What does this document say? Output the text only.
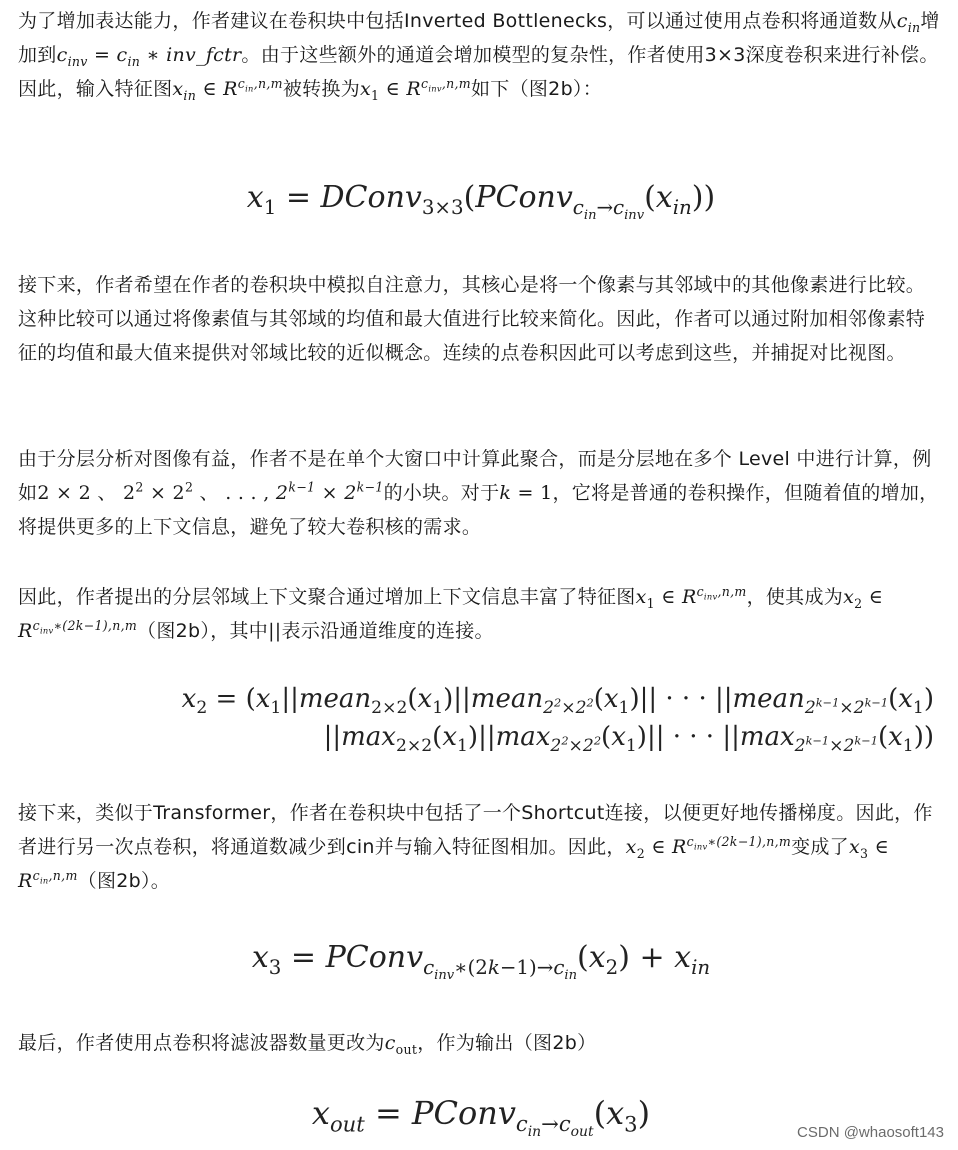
为了增加表达能力，作者建议在卷积块中包括Inverted Bottlenecks，可以通过使用点卷积将通道数从$c_{in}$增加到$c_{inv} = c_{in}$ ∗ inv_fctr。由于这些额外的通道会增加模型的复杂性，作者使用3×3深度卷积来进行补偿。因此，输入特征图$x_{in}$ ∈ $R^{c_{in},n,m}$被转换为$x_1$ ∈ $R^{c_{inv},n,m}$如下（图2b）：

$x_1$ = $DConv_{3\times 3}(PConv_{c_{in}\to c_{inv}}(x_{in}))$

接下来，作者希望在作者的卷积块中模拟自注意力，其核心是将一个像素与其邻域中的其他像素进行比较。这种比较可以通过将像素值与其邻域的均值和最大值进行比较来简化。因此，作者可以通过附加相邻像素特征的均值和最大值来提供对邻域比较的近似概念。连续的点卷积因此可以考虑到这些，并捕捉对比视图。

由于分层分析对图像有益，作者不是在单个大窗口中计算此聚合，而是分层地在多个 Level 中进行计算，例如2 × 2 、 $2^2 \times 2^2$ 、 . . . , $2^{k-1} \times 2^{k-1}$的小块。对于k = 1，它将是普通的卷积操作，但随着值的增加，将提供更多的上下文信息，避免了较大卷积核的需求。

因此，作者提出的分层邻域上下文聚合通过增加上下文信息丰富了特征图$x_1$ ∈ $R^{c_{inv},n,m}$，使其成为$x_2$ ∈ $R^{c_{inv}∗(2k-1),n,m}$（图2b），其中||表示沿通道维度的连接。

$x_2$ = ($x_1||mean_{2\times 2}(x_1)||mean_{2^2\times 2^2}(x_1)||$ · · · $||mean_{2^{k-1}\times 2^{k-1}}(x_1)$
$||\max_{2\times 2}(x_1)||\max_{2^2\times 2^2}(x_1)||$ · · · $||\max_{2^{k-1}\times 2^{k-1}}(x_1)$)

接下来，类似于Transformer，作者在卷积块中包括了一个Shortcut连接，以便更好地传播梯度。因此，作者进行另一次点卷积，将通道数减少到cin并与输入特征图相加。因此，$x_2$ ∈ $R^{c_{inv}∗(2k-1),n,m}$变成了$x_3$ ∈ $R^{c_{in},n,m}$（图2b）。

$x_3$ = $PConv_{c_{inv}∗(2k-1)\to c_{in}}(x_2) + x_{in}$

最后，作者使用点卷积将滤波器数量更改为$c_{out}$，作为输出（图2b）

$x_{out}$ = $PConv_{c_{in}\to c_{out}}(x_3)$
CSDN @whaosoft143
